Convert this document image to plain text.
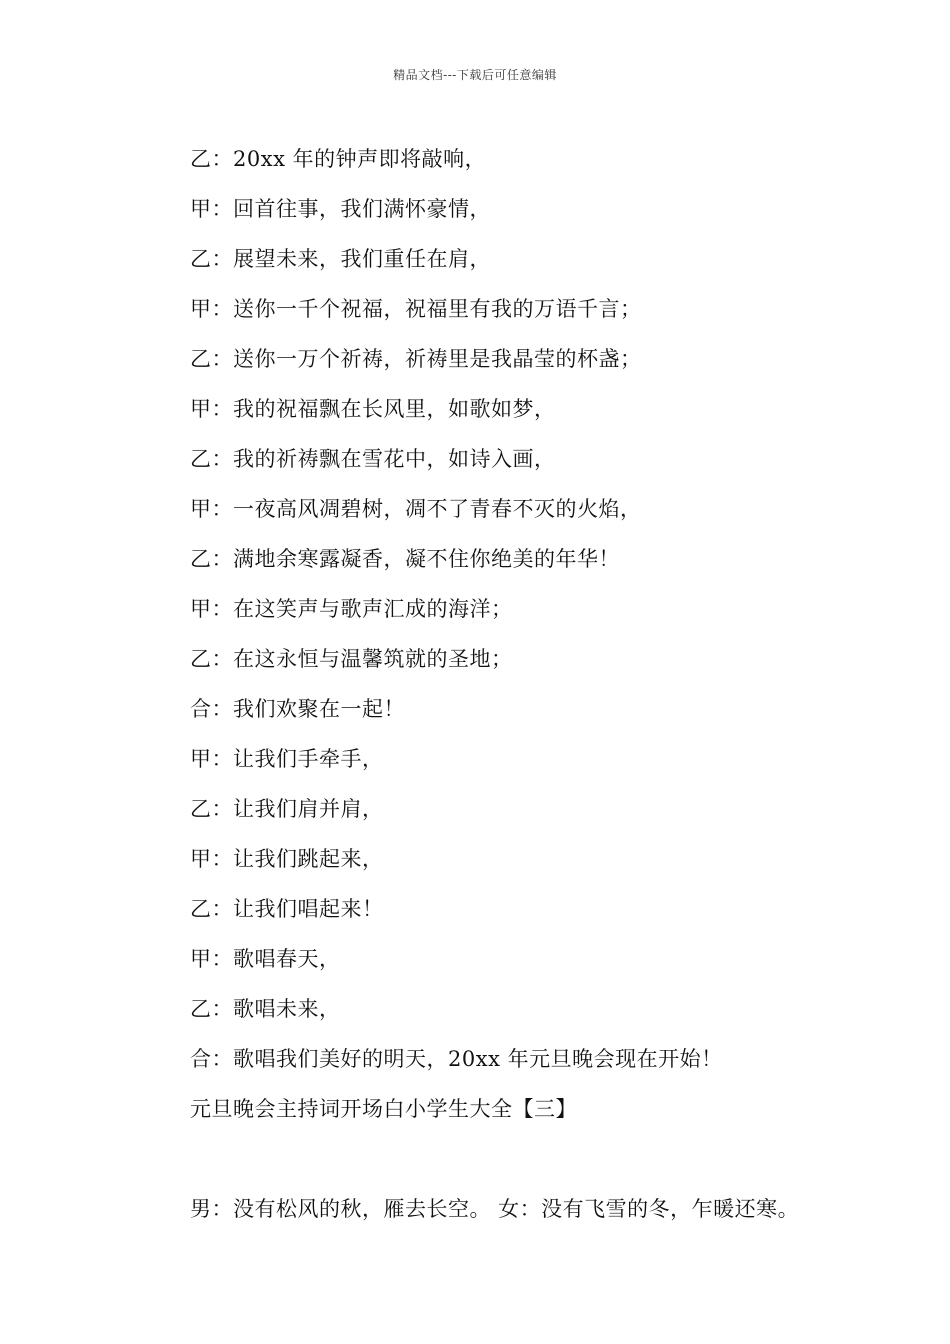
精品文档---下载后可任意编辑
乙：20xx 年的钟声即将敲响，
甲：回首往事，我们满怀豪情，
乙：展望未来，我们重任在肩，
甲：送你一千个祝福，祝福里有我的万语千言；
乙：送你一万个祈祷，祈祷里是我晶莹的杯盏；
甲：我的祝福飘在长风里，如歌如梦，
乙：我的祈祷飘在雪花中，如诗入画，
甲：一夜高风凋碧树，凋不了青春不灭的火焰，
乙：满地余寒露凝香，凝不住你绝美的年华！
甲：在这笑声与歌声汇成的海洋；
乙：在这永恒与温馨筑就的圣地；
合：我们欢聚在一起！
甲：让我们手牵手，
乙：让我们肩并肩，
甲：让我们跳起来，
乙：让我们唱起来！
甲：歌唱春天，
乙：歌唱未来，
合：歌唱我们美好的明天，20xx 年元旦晚会现在开始！
元旦晚会主持词开场白小学生大全【三】
男：没有松风的秋，雁去长空。 女：没有飞雪的冬，乍暖还寒。
